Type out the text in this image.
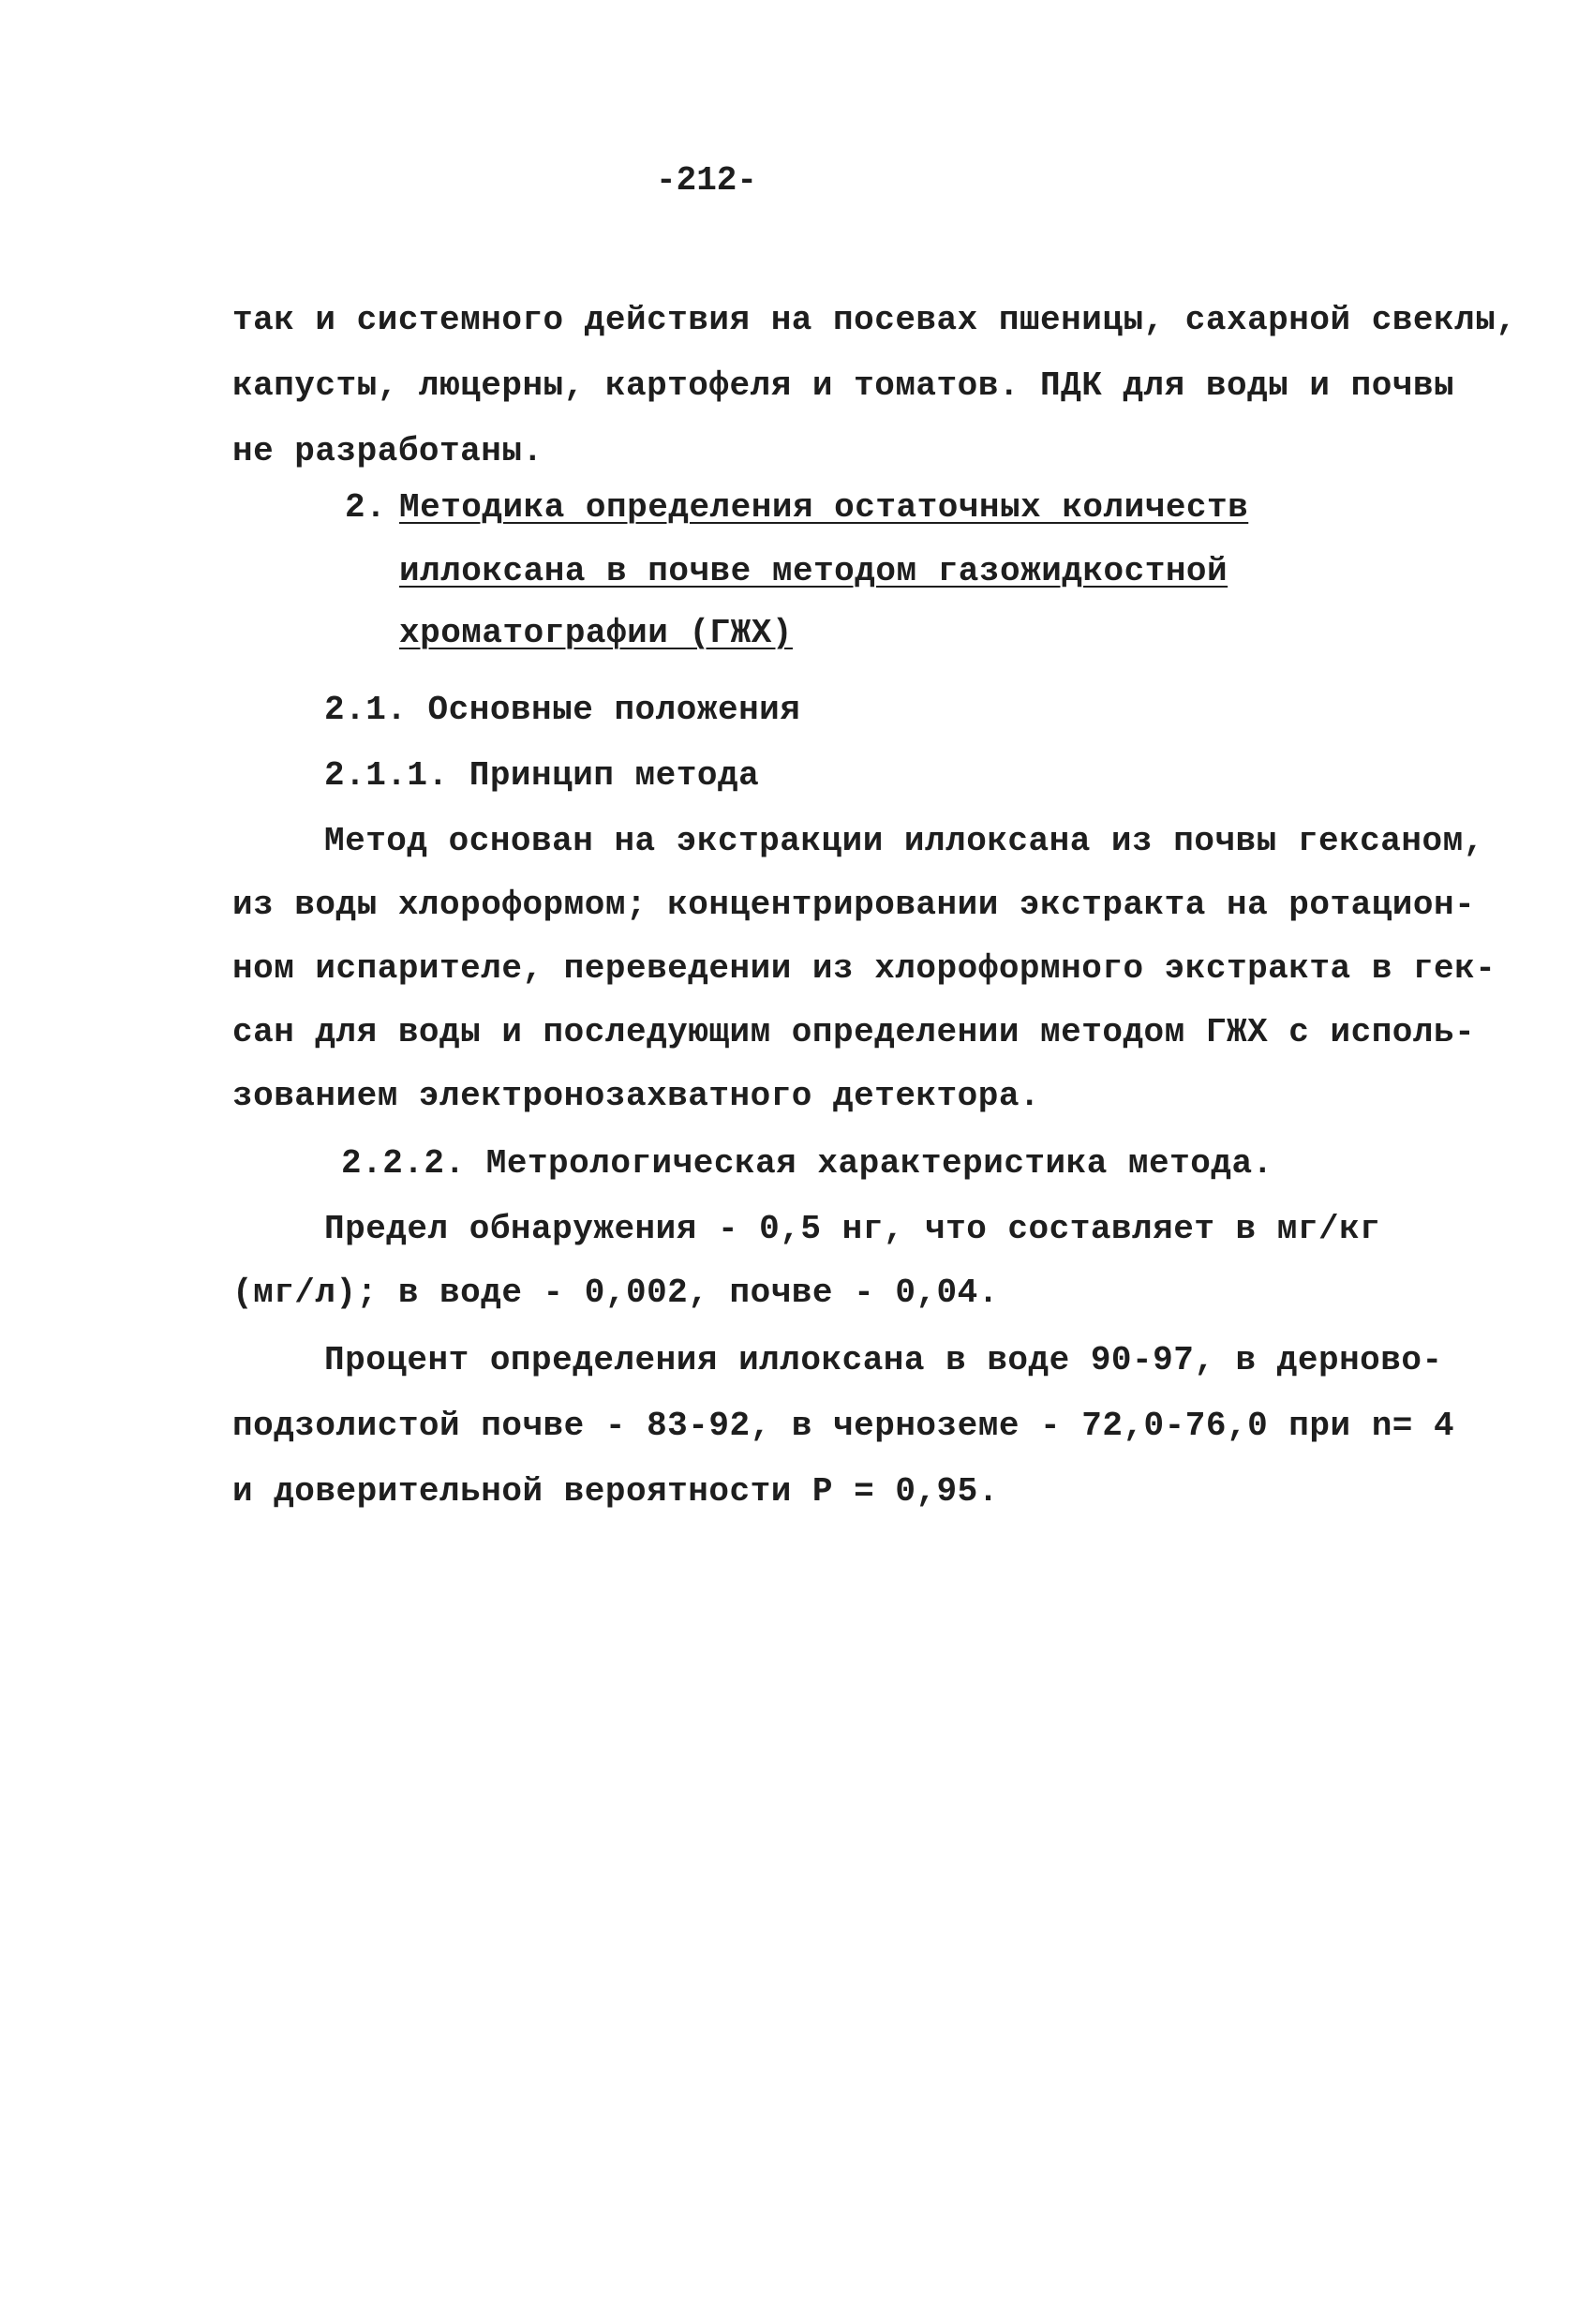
-212-
так и системного действия на посевах пшеницы, сахарной свеклы,
капусты, люцерны, картофеля и томатов. ПДК для воды и почвы
не разработаны.
2. Методика определения остаточных количеств
иллоксана в почве методом газожидкостной
хроматографии (ГЖХ)
2.1. Основные положения
2.1.1. Принцип метода
Метод основан на экстракции иллоксана из почвы гексаном,
из воды хлороформом; концентрировании экстракта на ротацион-
ном испарителе, переведении из хлороформного экстракта в гек-
сан для воды и последующим определении методом ГЖХ с исполь-
зованием электронозахватного детектора.
2.2.2. Метрологическая характеристика метода.
Предел обнаружения - 0,5 нг, что составляет в мг/кг
(мг/л); в воде - 0,002, почве - 0,04.
Процент определения иллоксана в воде 90-97, в дерново-
подзолистой почве - 83-92, в черноземе - 72,0-76,0 при n= 4
и доверительной вероятности P = 0,95.
